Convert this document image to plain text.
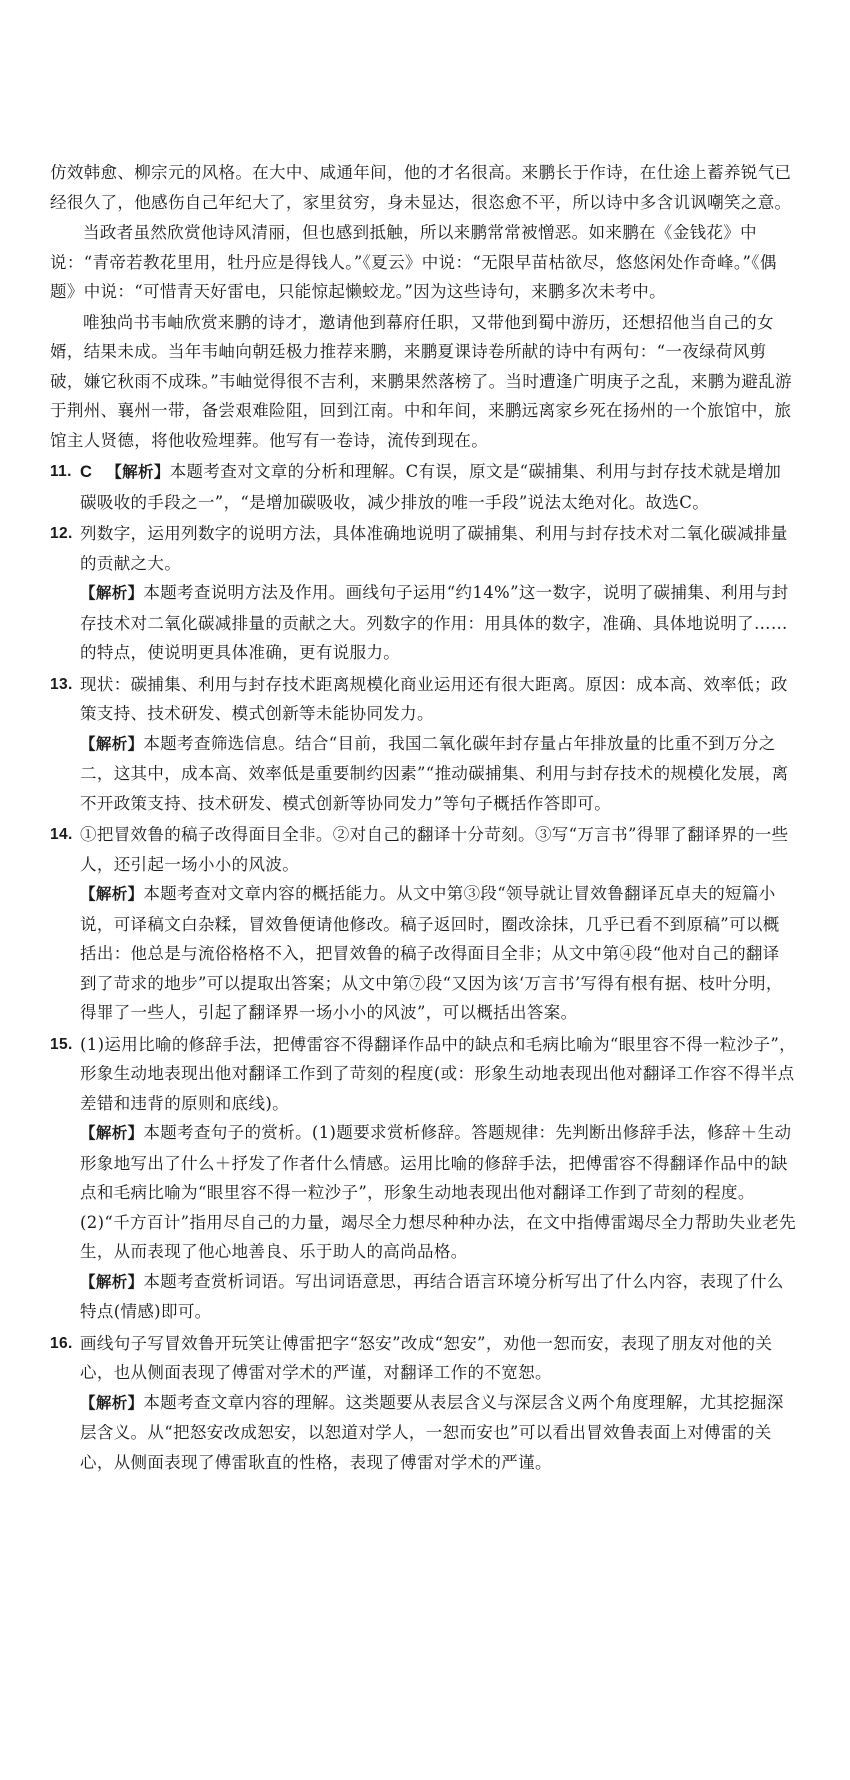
仿效韩愈、柳宗元的风格。在大中、咸通年间，他的才名很高。来鹏长于作诗，在仕途上蓄养锐气已经很久了，他感伤自己年纪大了，家里贫穷，身未显达，很恣愈不平，所以诗中多含讥讽嘲笑之意。

当政者虽然欣赏他诗风清丽，但也感到抵触，所以来鹏常常被憎恶。如来鹏在《金钱花》中说：“青帝若教花里用，牡丹应是得钱人。”《夏云》中说：“无限早苗枯欲尽，悠悠闲处作奇峰。”《偶题》中说：“可惜青天好雷电，只能惊起懒蛟龙。”因为这些诗句，来鹏多次未考中。

唯独尚书韦岫欣赏来鹏的诗才，邀请他到幕府任职，又带他到蜀中游历，还想招他当自己的女婿，结果未成。当年韦岫向朝廷极力推荐来鹏，来鹏夏课诗卷所献的诗中有两句：“一夜绿荷风剪破，嫌它秋雨不成珠。”韦岫觉得很不吉利，来鹏果然落榜了。当时遭逢广明庚子之乱，来鹏为避乱游于荆州、襄州一带，备尝艰难险阻，回到江南。中和年间，来鹏远离家乡死在扬州的一个旅馆中，旅馆主人贤德，将他收殓埋葬。他写有一卷诗，流传到现在。

11. C【 解析 】 本题考查对文章的分析和理解。C有误，原文是“碳捕集、利用与封存技术就是增加碳吸收的手段之一”，“是增加碳吸收，减少排放的唯一手段”说法太绝对化。故选C。
12. 列数字，运用列数字的说明方法，具体准确地说明了碳捕集、利用与封存技术对二氧化碳减排量的贡献之大。
【 解析 】 本题考查说明方法及作用。画线句子运用“约14%”这一数字，说明了碳捕集、利用与封存技术对二氧化碳减排量的贡献之大。列数字的作用：用具体的数字，准确、具体地说明了……的特点，使说明更具体准确，更有说服力。
13. 现状：碳捕集、利用与封存技术距离规模化商业运用还有很大距离。原因：成本高、效率低；政策支持、技术研发、模式创新等未能协同发力。
【 解析 】 本题考查筛选信息。结合“目前，我国二氧化碳年封存量占年排放量的比重不到万分之二，这其中，成本高、效率低是重要制约因素”“推动碳捕集、利用与封存技术的规模化发展，离不开政策支持、技术研发、模式创新等协同发力”等句子概括作答即可。
14. ①把冒效鲁的稿子改得面目全非。②对自己的翻译十分苛刻。③写“万言书”得罪了翻译界的一些人，还引起一场小小的风波。
【 解析 】 本题考查对文章内容的概括能力。从文中第③段“领导就让冒效鲁翻译瓦卓夫的短篇小说，可译稿文白杂糅，冒效鲁便请他修改。稿子返回时，圈改涂抹，几乎已看不到原稿”可以概括出：他总是与流俗格格不入，把冒效鲁的稿子改得面目全非；从文中第④段“他对自己的翻译到了苛求的地步”可以提取出答案；从文中第⑦段“又因为该‘万言书’写得有根有据、枝叶分明，得罪了一些人，引起了翻译界一场小小的风波”，可以概括出答案。
15. (1)运用比喻的修辞手法，把傅雷容不得翻译作品中的缺点和毛病比喻为“眼里容不得一粒沙子”，形象生动地表现出他对翻译工作到了苛刻的程度(或：形象生动地表现出他对翻译工作容不得半点差错和违背的原则和底线)。
【 解析 】 本题考查句子的赏析。(1)题要求赏析修辞。答题规律：先判断出修辞手法，修辞＋生动形象地写出了什么＋抒发了作者什么情感。运用比喻的修辞手法，把傅雷容不得翻译作品中的缺点和毛病比喻为“眼里容不得一粒沙子”，形象生动地表现出他对翻译工作到了苛刻的程度。
(2)“千方百计”指用尽自己的力量，竭尽全力想尽种种办法，在文中指傅雷竭尽全力帮助失业老先生，从而表现了他心地善良、乐于助人的高尚品格。
【 解析 】 本题考查赏析词语。写出词语意思，再结合语言环境分析写出了什么内容，表现了什么特点(情感)即可。
16. 画线句子写冒效鲁开玩笑让傅雷把字“怒安”改成“恕安”，劝他一恕而安，表现了朋友对他的关心，也从侧面表现了傅雷对学术的严谨，对翻译工作的不宽恕。
【 解析 】 本题考查文章内容的理解。这类题要从表层含义与深层含义两个角度理解，尤其挖掘深层含义。从“把怒安改成恕安，以恕道对学人，一恕而安也”可以看出冒效鲁表面上对傅雷的关心，从侧面表现了傅雷耿直的性格，表现了傅雷对学术的严谨。
